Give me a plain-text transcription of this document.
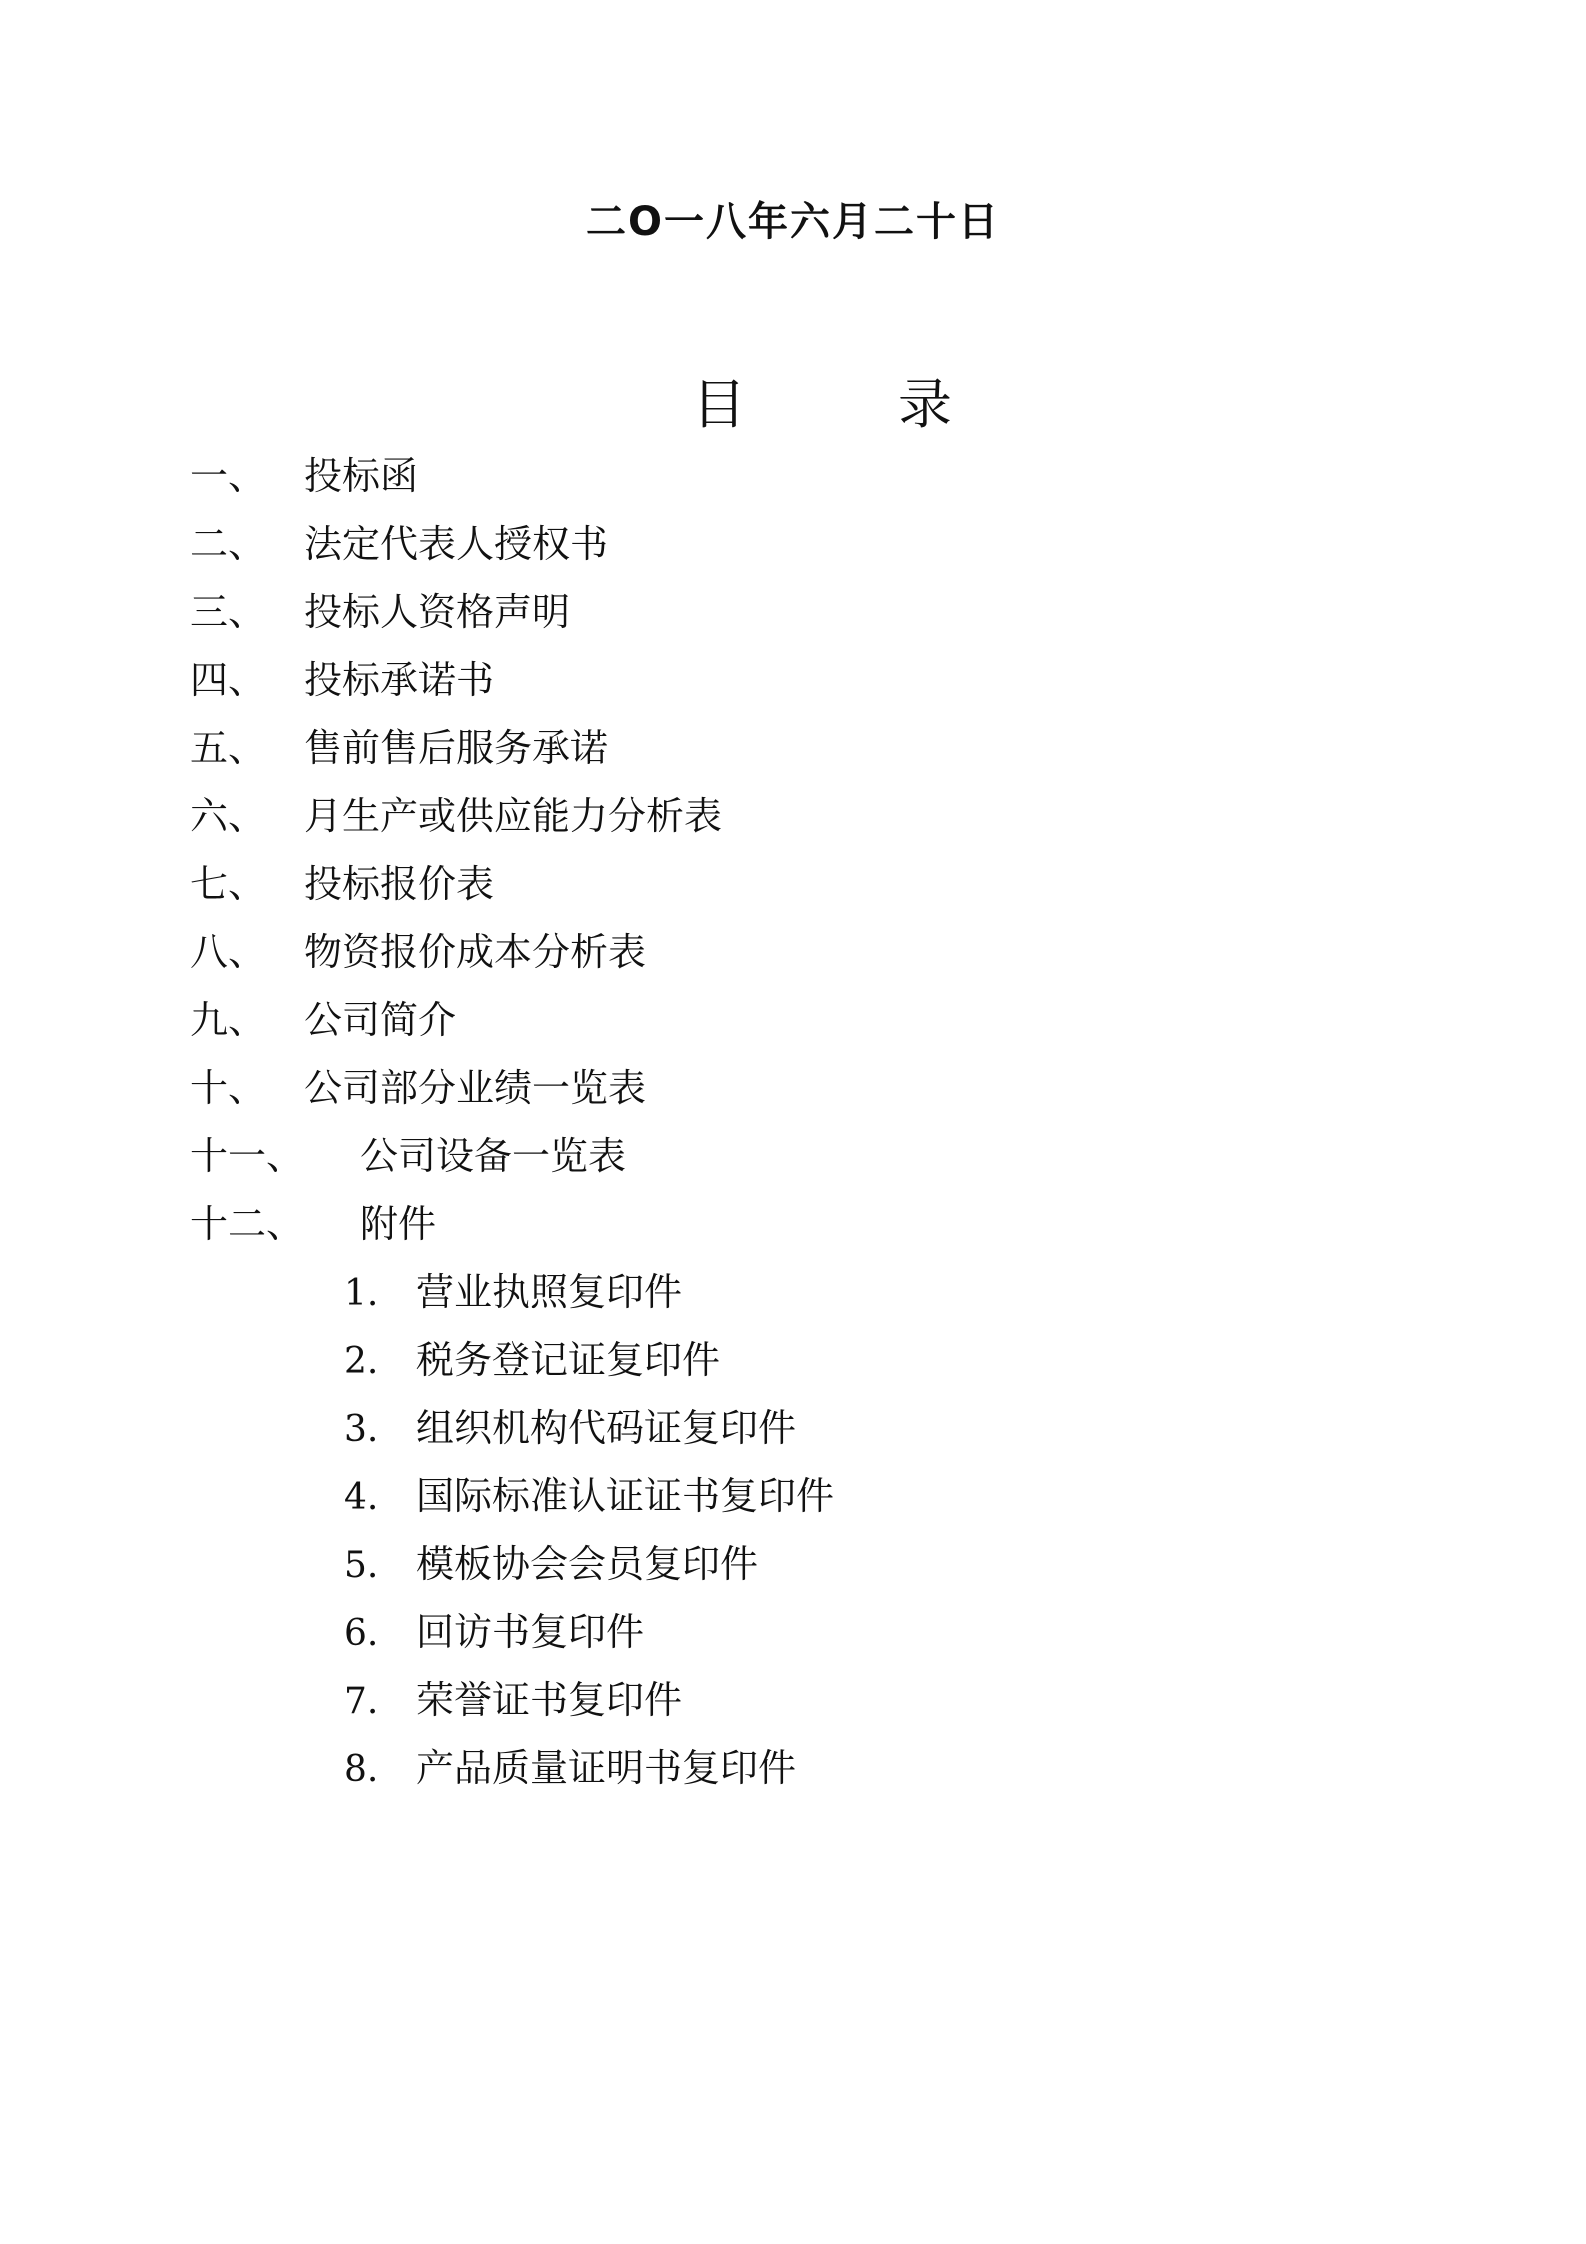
二O一八年六月二十日
目	录
一、 投标函
二、 法定代表人授权书
三、 投标人资格声明
四、 投标承诺书
五、 售前售后服务承诺
六、 月生产或供应能力分析表
七、 投标报价表
八、 物资报价成本分析表
九、 公司简介
十、 公司部分业绩一览表
十一、 公司设备一览表
十二、 附件
1. 营业执照复印件
2. 税务登记证复印件
3. 组织机构代码证复印件
4. 国际标准认证证书复印件
5. 模板协会会员复印件
6. 回访书复印件
7. 荣誉证书复印件
8. 产品质量证明书复印件
